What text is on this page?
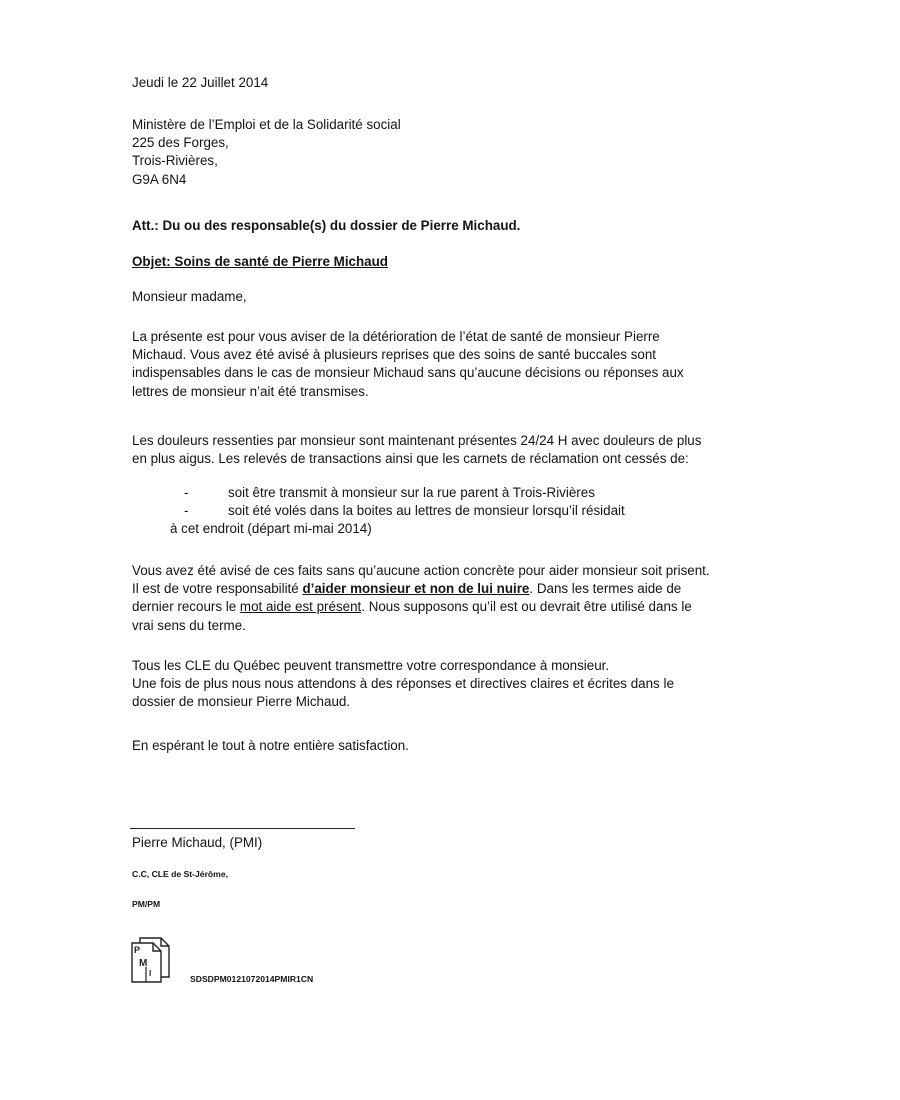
Jeudi le 22 Juillet 2014
Ministère de l’Emploi et de la Solidarité social
225 des Forges,
Trois-Rivières,
G9A 6N4
Att.: Du ou des responsable(s) du dossier de Pierre Michaud.
Objet: Soins de santé de Pierre Michaud
Monsieur madame,
La présente est pour vous aviser de la détérioration de l’état de santé de monsieur Pierre
Michaud. Vous avez été avisé à plusieurs reprises que des soins de santé buccales sont
indispensables dans le cas de monsieur Michaud sans qu’aucune décisions ou réponses aux
lettres de monsieur n’ait été transmises.
Les douleurs ressenties par monsieur sont maintenant présentes 24/24 H avec douleurs de plus
en plus aigus. Les relevés de transactions ainsi que les carnets de réclamation ont cessés de:
-	soit être transmit à monsieur sur la rue parent à Trois-Rivières
-	soit été volés dans la boites au lettres de monsieur lorsqu’il résidait
à cet endroit (départ mi-mai 2014)
Vous avez été avisé de ces faits sans qu’aucune action concrète pour aider monsieur soit prisent.
Il est de votre responsabilité d’aider monsieur et non de lui nuire. Dans les termes aide de
dernier recours le mot aide est présent. Nous supposons qu’il est ou devrait être utilisé dans le
vrai sens du terme.
Tous les CLE du Québec peuvent transmettre votre correspondance à monsieur.
Une fois de plus nous nous attendons à des réponses et directives claires et écrites dans le
dossier de monsieur Pierre Michaud.
En espérant le tout à notre entière satisfaction.
Pierre Michaud, (PMI)
C.C, CLE de St-Jérôme,
PM/PM
P
M
I
SDSDPM0121072014PMIR1CN
